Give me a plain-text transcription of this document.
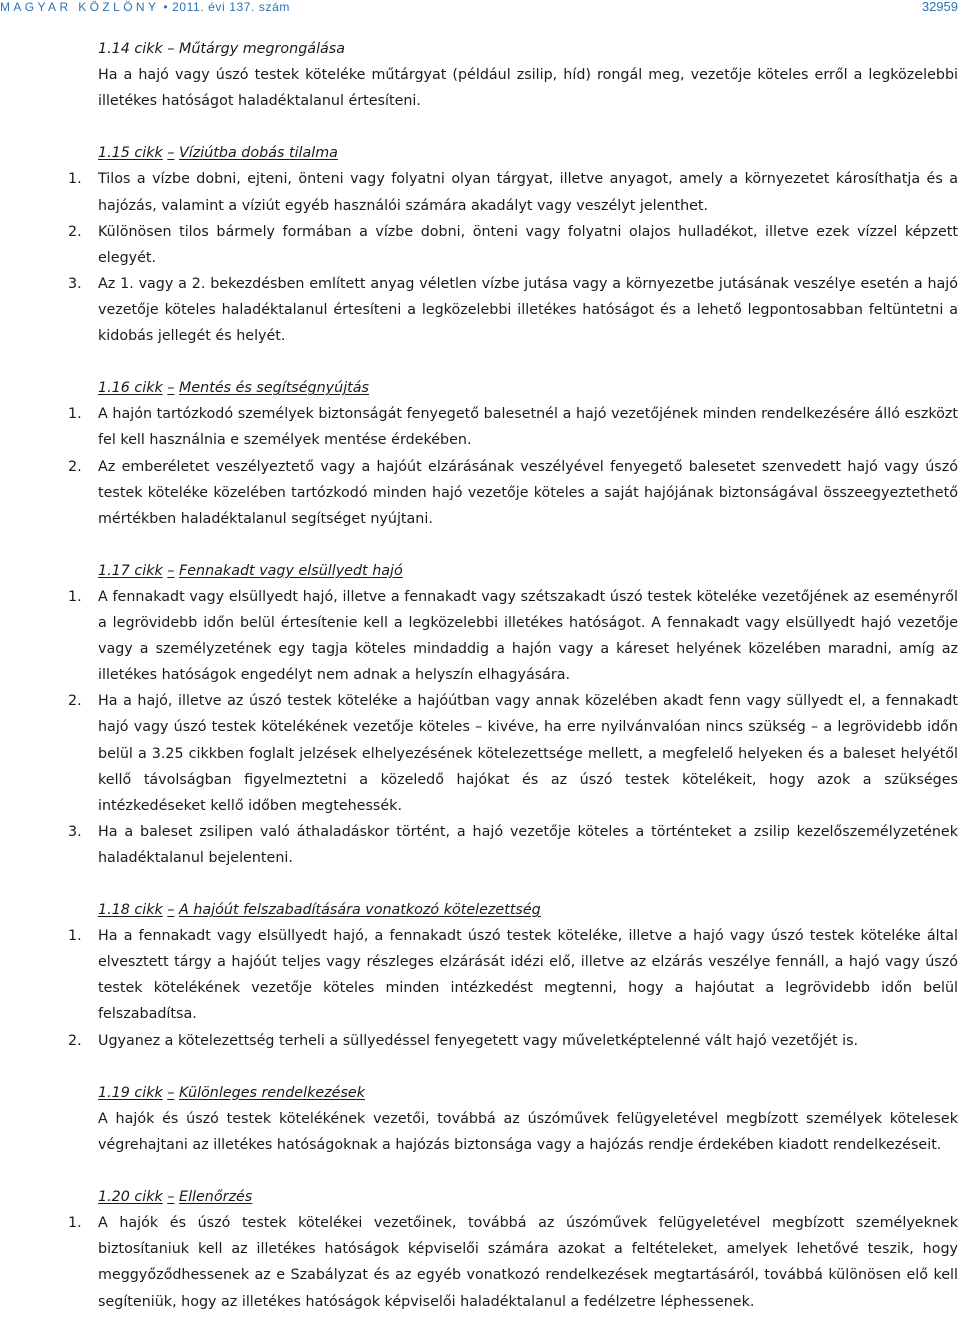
MAGYAR KÖZLÖNY • 2011. évi 137. szám	32959
1.14 cikk – Műtárgy megrongálása

Ha a hajó vagy úszó testek köteléke műtárgyat (például zsilip, híd) rongál meg, vezetője köteles erről a legközelebbi illetékes hatóságot haladéktalanul értesíteni.

1.15 cikk – Víziútba dobás tilalma
1.	Tilos a vízbe dobni, ejteni, önteni vagy folyatni olyan tárgyat, illetve anyagot, amely a környezetet károsíthatja és a hajózás, valamint a víziút egyéb használói számára akadályt vagy veszélyt jelenthet.

2.	Különösen tilos bármely formában a vízbe dobni, önteni vagy folyatni olajos hulladékot, illetve ezek vízzel képzett elegyét.

3.	Az 1. vagy a 2. bekezdésben említett anyag véletlen vízbe jutása vagy a környezetbe jutásának veszélye esetén a hajó vezetője köteles haladéktalanul értesíteni a legközelebbi illetékes hatóságot és a lehető legpontosabban feltüntetni a kidobás jellegét és helyét.

1.16 cikk – Mentés és segítségnyújtás
1.	A hajón tartózkodó személyek biztonságát fenyegető balesetnél a hajó vezetőjének minden rendelkezésére álló eszközt fel kell használnia e személyek mentése érdekében.

2.	Az emberéletet veszélyeztető vagy a hajóút elzárásának veszélyével fenyegető balesetet szenvedett hajó vagy úszó testek köteléke közelében tartózkodó minden hajó vezetője köteles a saját hajójának biztonságával összeegyeztethető mértékben haladéktalanul segítséget nyújtani.

1.17 cikk – Fennakadt vagy elsüllyedt hajó
1.	A fennakadt vagy elsüllyedt hajó, illetve a fennakadt vagy szétszakadt úszó testek köteléke vezetőjének az eseményről a legrövidebb időn belül értesítenie kell a legközelebbi illetékes hatóságot. A fennakadt vagy elsüllyedt hajó vezetője vagy a személyzetének egy tagja köteles mindaddig a hajón vagy a káreset helyének közelében maradni, amíg az illetékes hatóságok engedélyt nem adnak a helyszín elhagyására.

2.	Ha a hajó, illetve az úszó testek köteléke a hajóútban vagy annak közelében akadt fenn vagy süllyedt el, a fennakadt hajó vagy úszó testek kötelékének vezetője köteles – kivéve, ha erre nyilvánvalóan nincs szükség – a legrövidebb időn belül a 3.25 cikkben foglalt jelzések elhelyezésének kötelezettsége mellett, a megfelelő helyeken és a baleset helyétől kellő távolságban figyelmeztetni a közeledő hajókat és az úszó testek kötelékeit, hogy azok a szükséges intézkedéseket kellő időben megtehessék.

3.	Ha a baleset zsilipen való áthaladáskor történt, a hajó vezetője köteles a történteket a zsilip kezelőszemélyzetének haladéktalanul bejelenteni.

1.18 cikk – A hajóút felszabadítására vonatkozó kötelezettség
1.	Ha a fennakadt vagy elsüllyedt hajó, a fennakadt úszó testek köteléke, illetve a hajó vagy úszó testek köteléke által elvesztett tárgy a hajóút teljes vagy részleges elzárását idézi elő, illetve az elzárás veszélye fennáll, a hajó vagy úszó testek kötelékének vezetője köteles minden intézkedést megtenni, hogy a hajóutat a legrövidebb időn belül felszabadítsa.

2.	Ugyanez a kötelezettség terheli a süllyedéssel fenyegetett vagy műveletképtelenné vált hajó vezetőjét is.

1.19 cikk – Különleges rendelkezések

A hajók és úszó testek kötelékének vezetői, továbbá az úszóművek felügyeletével megbízott személyek kötelesek végrehajtani az illetékes hatóságoknak a hajózás biztonsága vagy a hajózás rendje érdekében kiadott rendelkezéseit.

1.20 cikk – Ellenőrzés
1.	A hajók és úszó testek kötelékei vezetőinek, továbbá az úszóművek felügyeletével megbízott személyeknek biztosítaniuk kell az illetékes hatóságok képviselői számára azokat a feltételeket, amelyek lehetővé teszik, hogy meggyőződhessenek az e Szabályzat és az egyéb vonatkozó rendelkezések megtartásáról, továbbá különösen elő kell segíteniük, hogy az illetékes hatóságok képviselői haladéktalanul a fedélzetre léphessenek.
